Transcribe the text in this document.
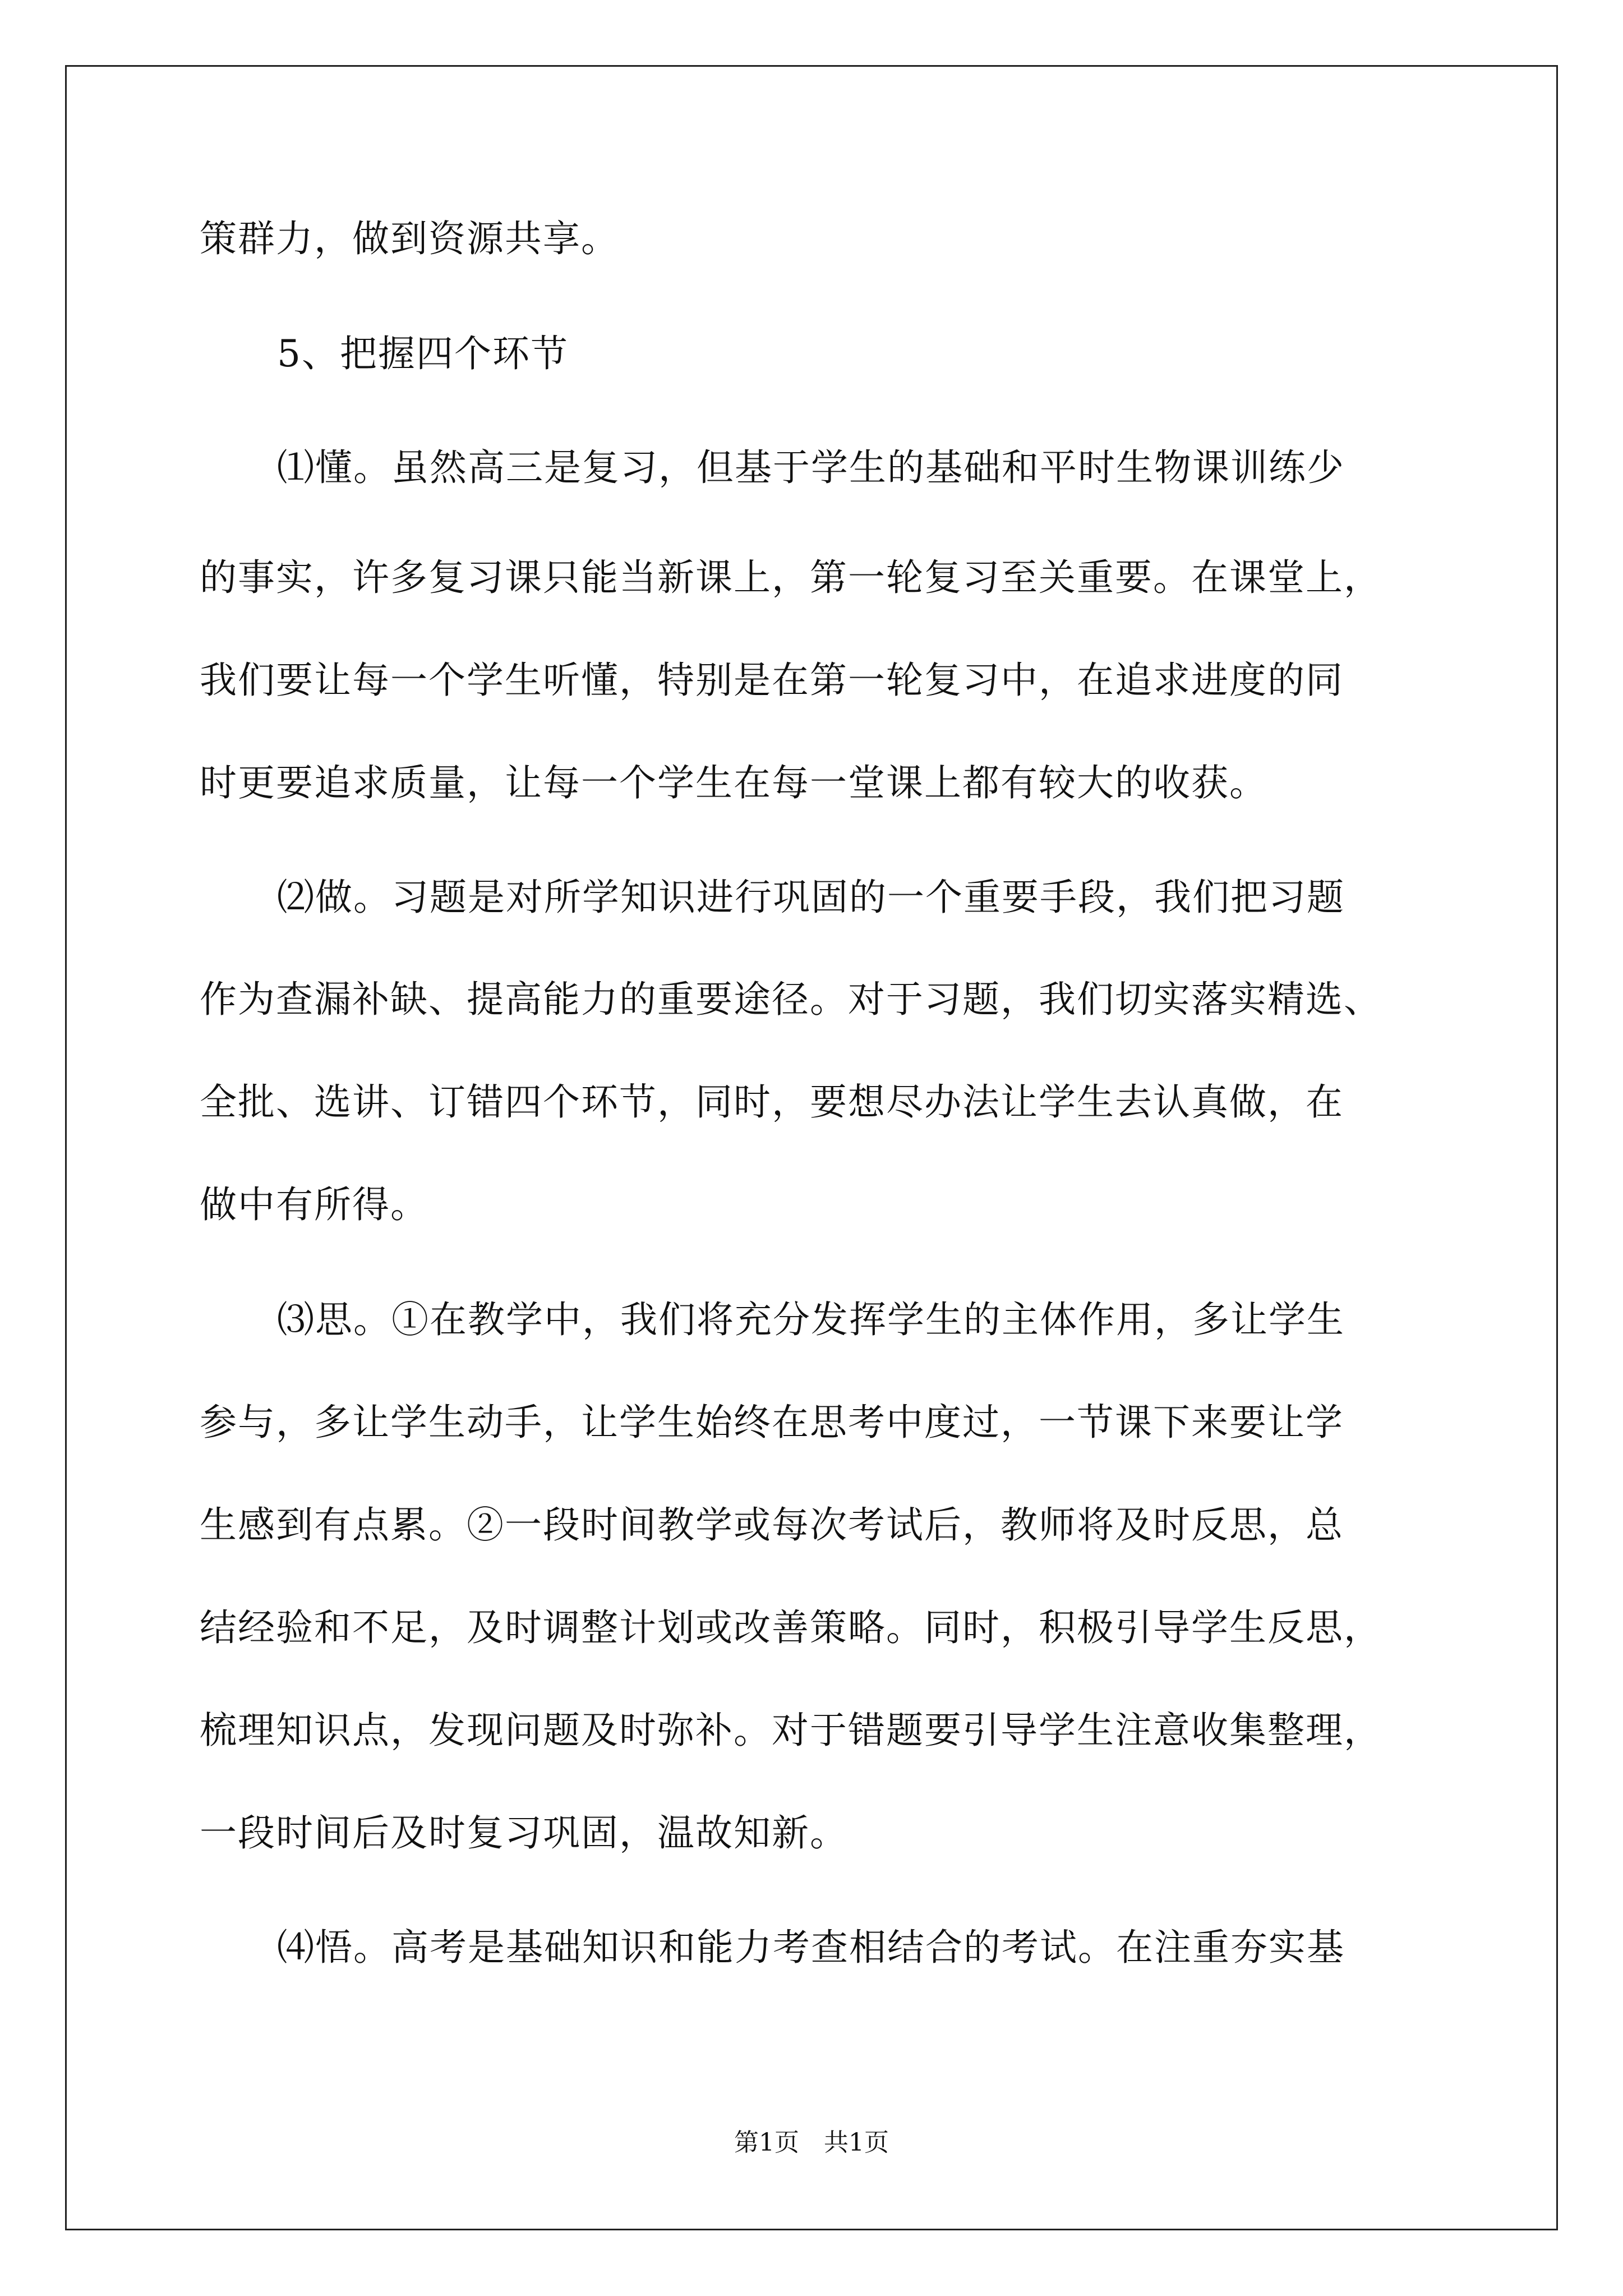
策群力，做到资源共享。
5、把握四个环节
⑴懂。虽然高三是复习，但基于学生的基础和平时生物课训练少
的事实，许多复习课只能当新课上，第一轮复习至关重要。在课堂上，
我们要让每一个学生听懂，特别是在第一轮复习中，在追求进度的同
时更要追求质量，让每一个学生在每一堂课上都有较大的收获。
⑵做。习题是对所学知识进行巩固的一个重要手段，我们把习题
作为查漏补缺、提高能力的重要途径。对于习题，我们切实落实精选、
全批、选讲、订错四个环节，同时，要想尽办法让学生去认真做，在
做中有所得。
⑶思。①在教学中，我们将充分发挥学生的主体作用，多让学生
参与，多让学生动手，让学生始终在思考中度过，一节课下来要让学
生感到有点累。②一段时间教学或每次考试后，教师将及时反思，总
结经验和不足，及时调整计划或改善策略。同时，积极引导学生反思，
梳理知识点，发现问题及时弥补。对于错题要引导学生注意收集整理，
一段时间后及时复习巩固，温故知新。
⑷悟。高考是基础知识和能力考查相结合的考试。在注重夯实基
第1页　共1页
